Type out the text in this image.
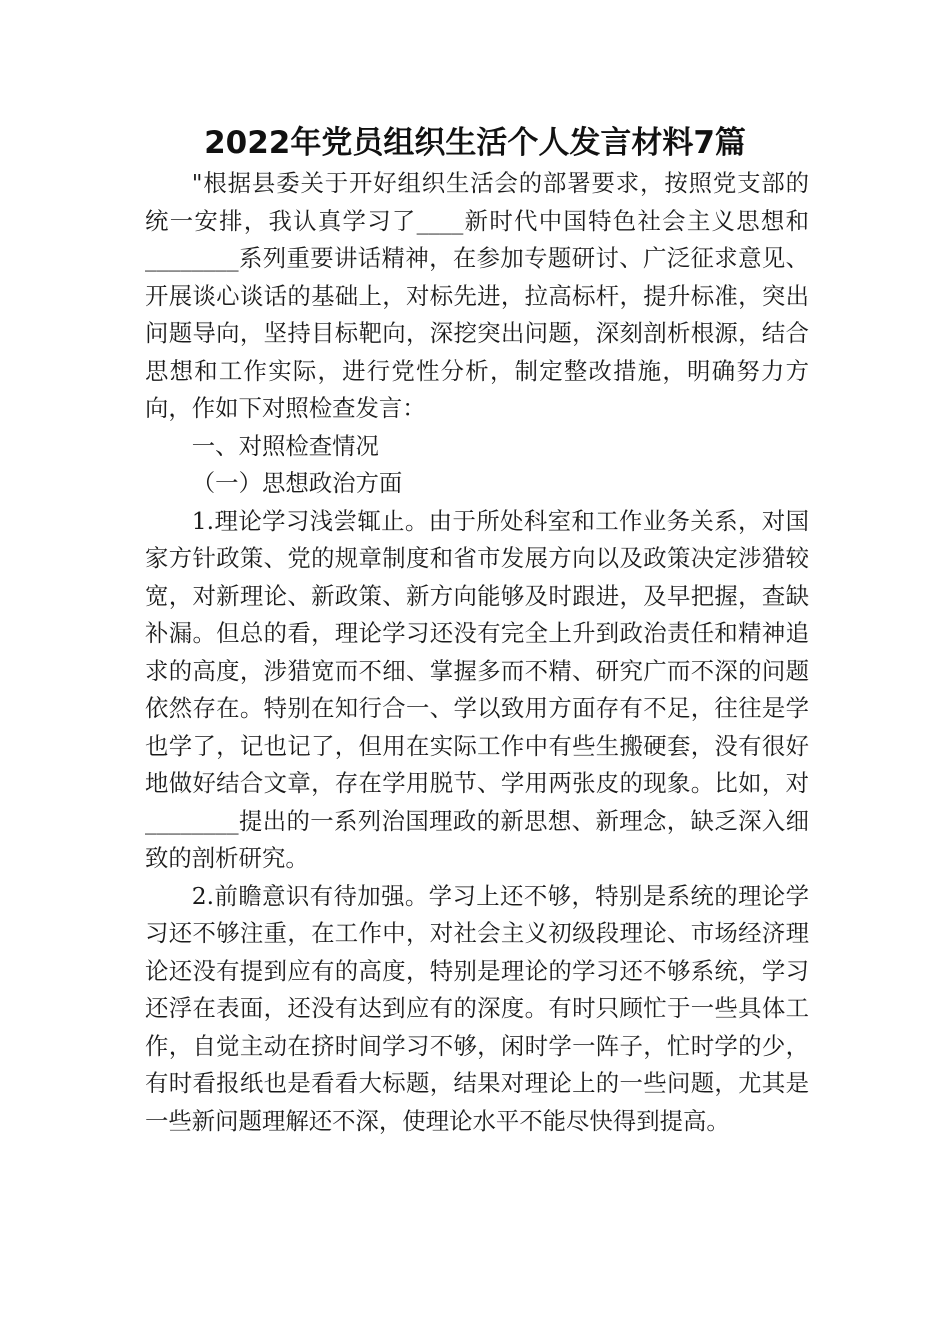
2022年党员组织生活个人发言材料7篇

"根据县委关于开好组织生活会的部署要求，按照党支部的统一安排，我认真学习了____新时代中国特色社会主义思想和________系列重要讲话精神，在参加专题研讨、广泛征求意见、开展谈心谈话的基础上，对标先进，拉高标杆，提升标准，突出问题导向，坚持目标靶向，深挖突出问题，深刻剖析根源，结合思想和工作实际，进行党性分析，制定整改措施，明确努力方向，作如下对照检查发言：

一、对照检查情况

（一）思想政治方面

1.理论学习浅尝辄止。由于所处科室和工作业务关系，对国家方针政策、党的规章制度和省市发展方向以及政策决定涉猎较宽，对新理论、新政策、新方向能够及时跟进，及早把握，查缺补漏。但总的看，理论学习还没有完全上升到政治责任和精神追求的高度，涉猎宽而不细、掌握多而不精、研究广而不深的问题依然存在。特别在知行合一、学以致用方面存有不足，往往是学也学了，记也记了，但用在实际工作中有些生搬硬套，没有很好地做好结合文章，存在学用脱节、学用两张皮的现象。比如，对________提出的一系列治国理政的新思想、新理念，缺乏深入细致的剖析研究。

2.前瞻意识有待加强。学习上还不够，特别是系统的理论学习还不够注重，在工作中，对社会主义初级段理论、市场经济理论还没有提到应有的高度，特别是理论的学习还不够系统，学习还浮在表面，还没有达到应有的深度。有时只顾忙于一些具体工作，自觉主动在挤时间学习不够，闲时学一阵子，忙时学的少，有时看报纸也是看看大标题，结果对理论上的一些问题，尤其是一些新问题理解还不深，使理论水平不能尽快得到提高。
